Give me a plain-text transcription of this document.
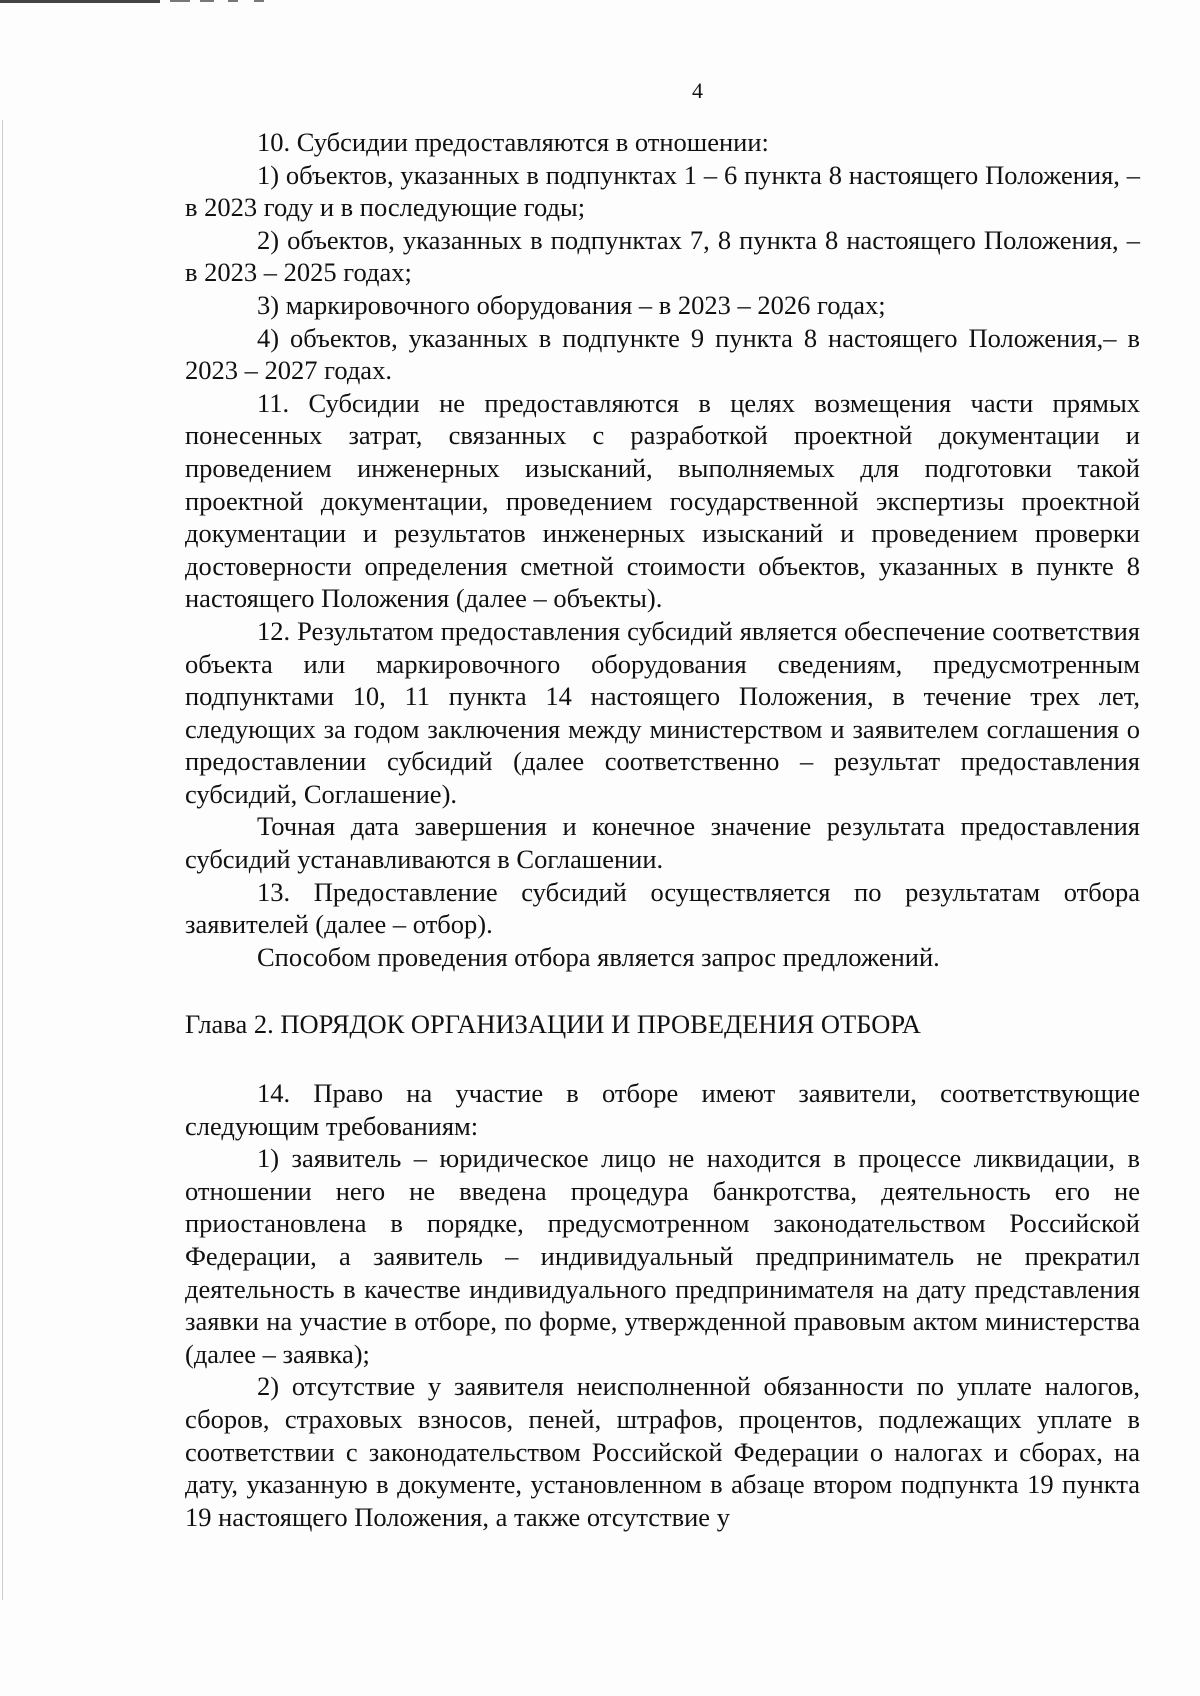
4

10. Субсидии предоставляются в отношении:

1) объектов, указанных в подпунктах 1 – 6 пункта 8 настоящего Положения, – в 2023 году и в последующие годы;

2) объектов, указанных в подпунктах 7, 8 пункта 8 настоящего Положения, – в 2023 – 2025 годах;

3) маркировочного оборудования – в 2023 – 2026 годах;

4) объектов, указанных в подпункте 9 пункта 8 настоящего Положения,– в 2023 – 2027 годах.

11. Субсидии не предоставляются в целях возмещения части прямых понесенных затрат, связанных с разработкой проектной документации и проведением инженерных изысканий, выполняемых для подготовки такой проектной документации, проведением государственной экспертизы проектной документации и результатов инженерных изысканий и проведением проверки достоверности определения сметной стоимости объектов, указанных в пункте 8 настоящего Положения (далее – объекты).

12. Результатом предоставления субсидий является обеспечение соответствия объекта или маркировочного оборудования сведениям, предусмотренным подпунктами 10, 11 пункта 14 настоящего Положения, в течение трех лет, следующих за годом заключения между министерством и заявителем соглашения о предоставлении субсидий (далее соответственно – результат предоставления субсидий, Соглашение).

Точная дата завершения и конечное значение результата предоставления субсидий устанавливаются в Соглашении.

13. Предоставление субсидий осуществляется по результатам отбора заявителей (далее – отбор).

Способом проведения отбора является запрос предложений.

Глава 2. ПОРЯДОК ОРГАНИЗАЦИИ И ПРОВЕДЕНИЯ ОТБОРА

14. Право на участие в отборе имеют заявители, соответствующие следующим требованиям:

1) заявитель – юридическое лицо не находится в процессе ликвидации, в отношении него не введена процедура банкротства, деятельность его не приостановлена в порядке, предусмотренном законодательством Российской Федерации, а заявитель – индивидуальный предприниматель не прекратил деятельность в качестве индивидуального предпринимателя на дату представления заявки на участие в отборе, по форме, утвержденной правовым актом министерства (далее – заявка);

2) отсутствие у заявителя неисполненной обязанности по уплате налогов, сборов, страховых взносов, пеней, штрафов, процентов, подлежащих уплате в соответствии с законодательством Российской Федерации о налогах и сборах, на дату, указанную в документе, установленном в абзаце втором подпункта 19 пункта 19 настоящего Положения, а также отсутствие у
